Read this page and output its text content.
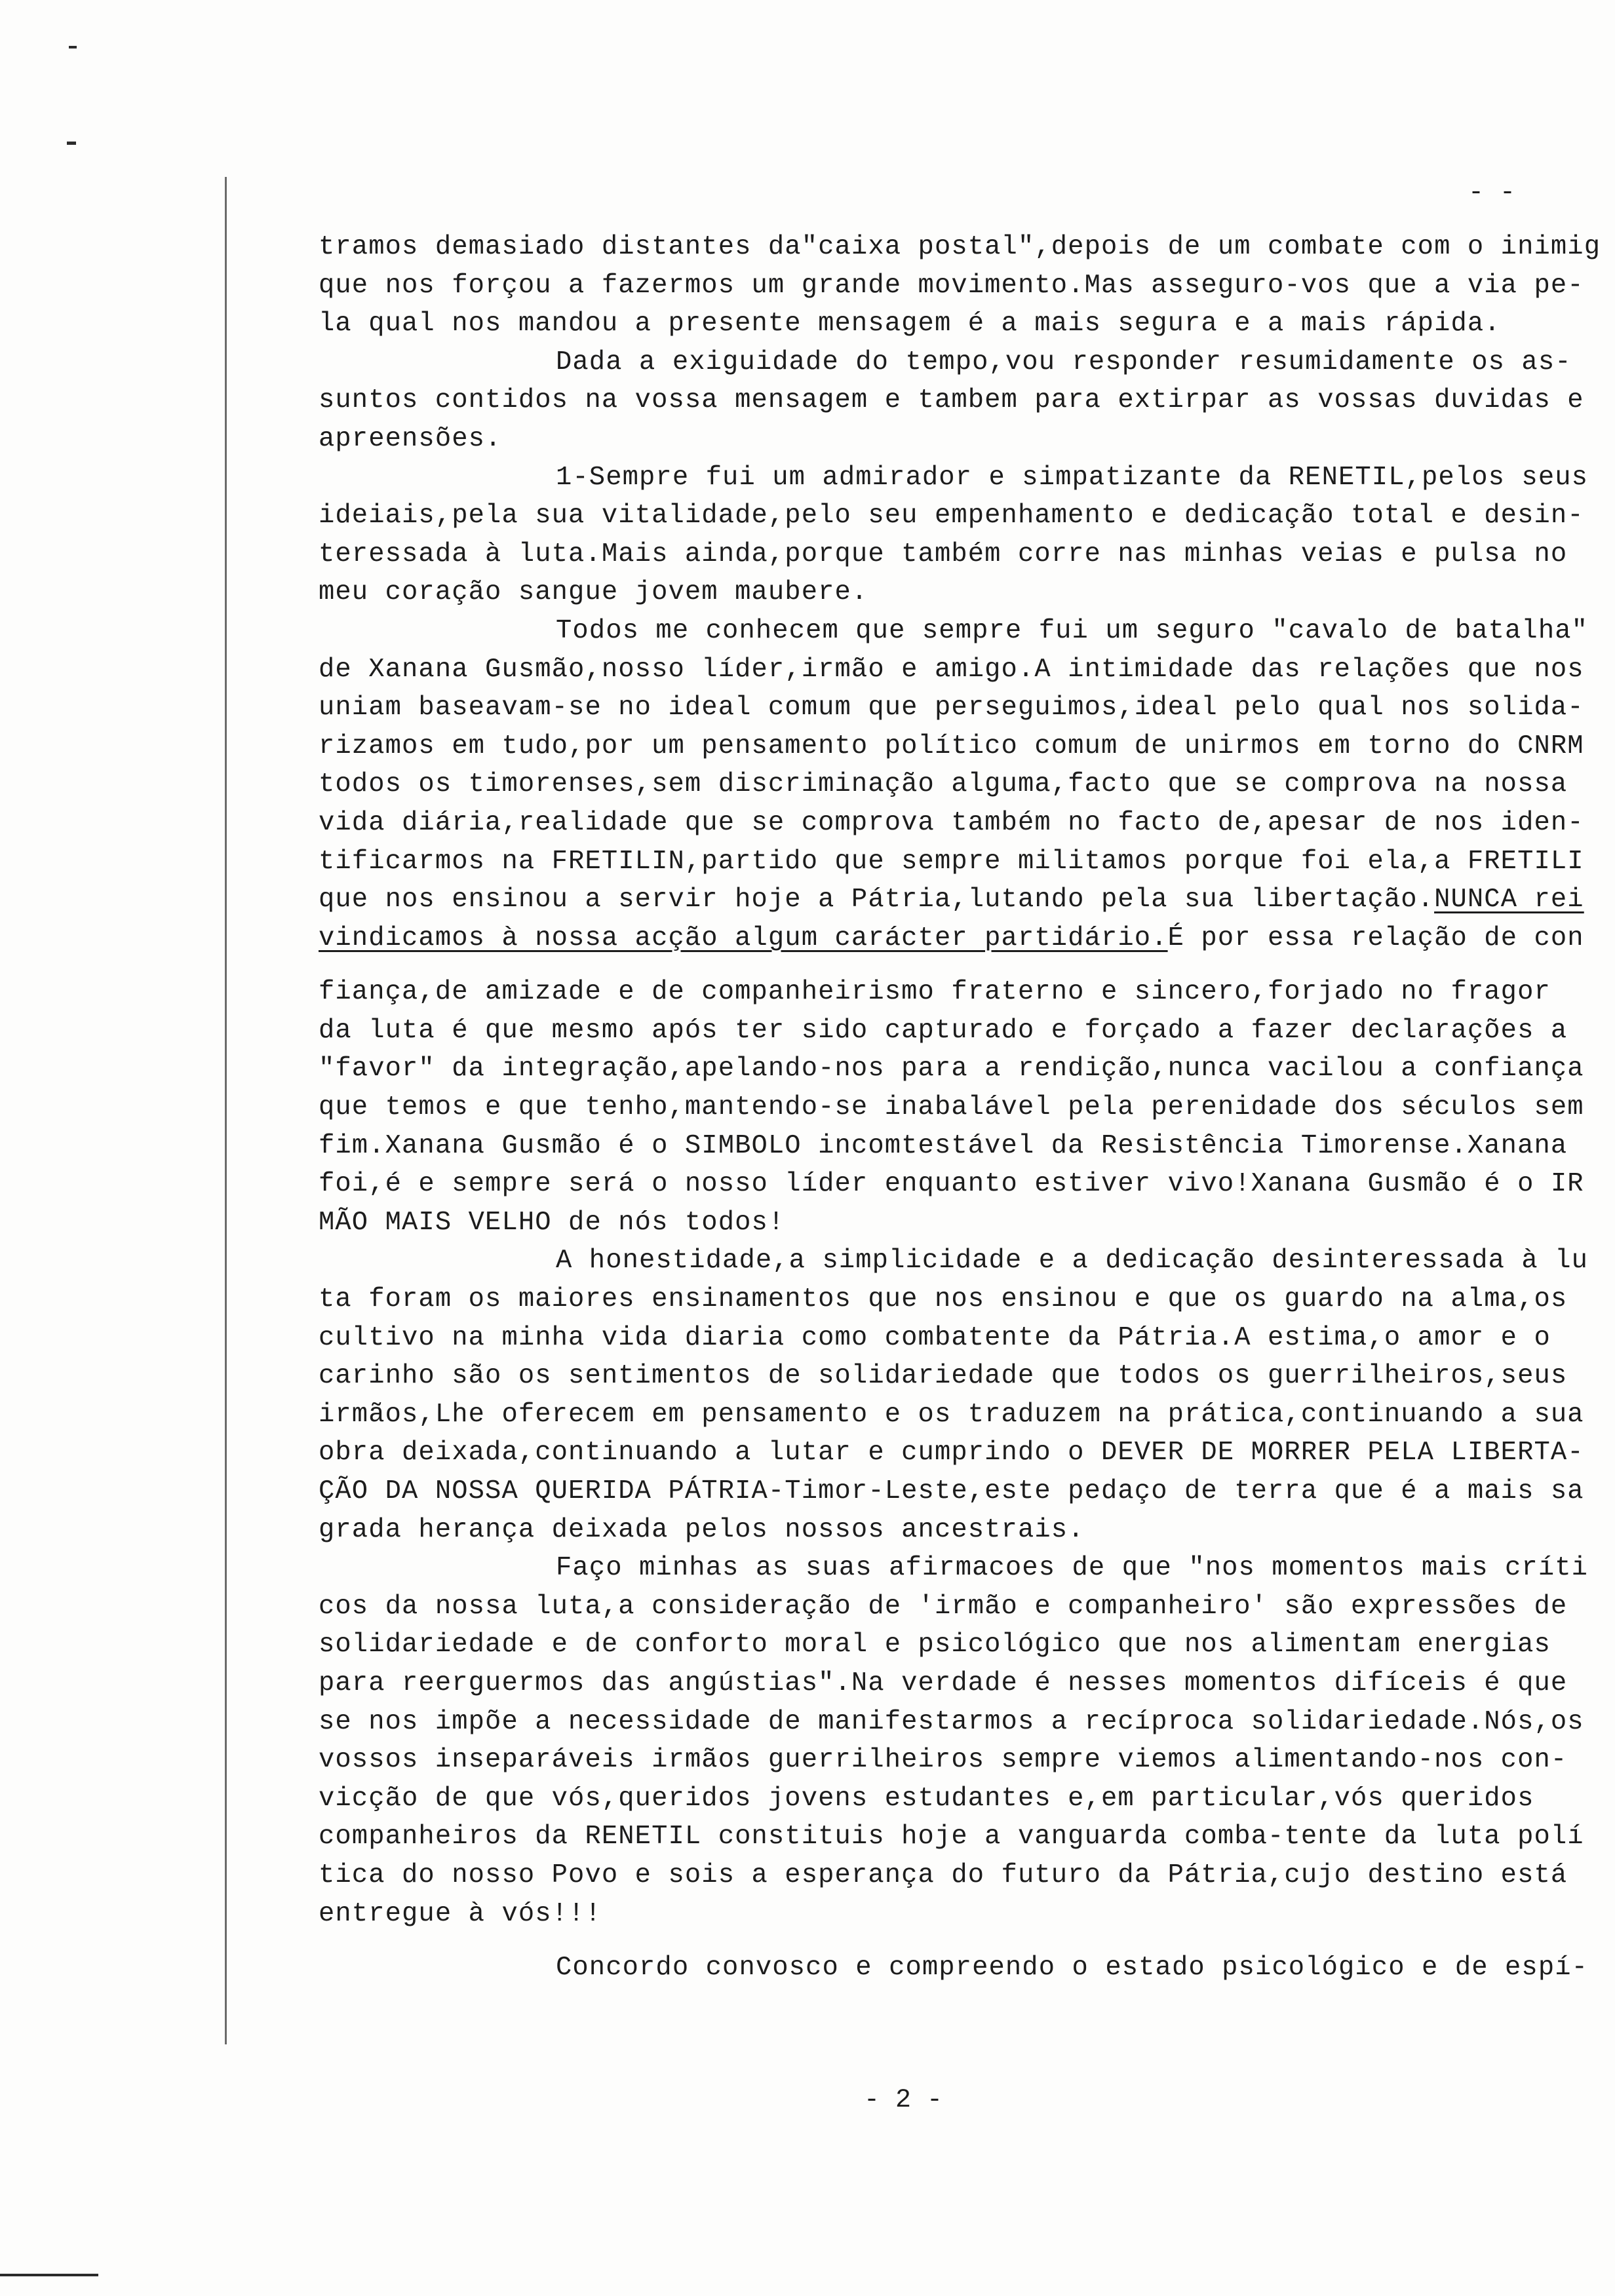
- -
tramos demasiado distantes da"caixa postal",depois de um combate com o inimig
que nos forçou a fazermos um grande movimento.Mas asseguro-vos que a via pe-
la qual nos mandou a presente mensagem é a mais segura e a mais rápida.
Dada a exiguidade do tempo,vou responder resumidamente os as-
suntos contidos na vossa mensagem e tambem para extirpar as vossas duvidas e
apreensões.
1-Sempre fui um admirador e simpatizante da RENETIL,pelos seus
ideiais,pela sua vitalidade,pelo seu empenhamento e dedicação total e desin-
teressada à luta.Mais ainda,porque também corre nas minhas veias e pulsa no
meu coração sangue jovem maubere.
Todos me conhecem que sempre fui um seguro "cavalo de batalha"
de Xanana Gusmão,nosso líder,irmão e amigo.A intimidade das relações que nos
uniam baseavam-se no ideal comum que perseguimos,ideal pelo qual nos solida-
rizamos em tudo,por um pensamento político comum de unirmos em torno do CNRM
todos os timorenses,sem discriminação alguma,facto que se comprova na nossa
vida diária,realidade que se comprova também no facto de,apesar de nos iden-
tificarmos na FRETILIN,partido que sempre militamos porque foi ela,a FRETILI
que nos ensinou a servir hoje a Pátria,lutando pela sua libertação.NUNCA rei
vindicamos à nossa acção algum carácter partidário.É por essa relação de con
fiança,de amizade e de companheirismo fraterno e sincero,forjado no fragor
da luta é que mesmo após ter sido capturado e forçado a fazer declarações a
"favor" da integração,apelando-nos para a rendição,nunca vacilou a confiança
que temos e que tenho,mantendo-se inabalável pela perenidade dos séculos sem
fim.Xanana Gusmão é o SIMBOLO incomtestável da Resistência Timorense.Xanana
foi,é e sempre será o nosso líder enquanto estiver vivo!Xanana Gusmão é o IR
MÃO MAIS VELHO de nós todos!
A honestidade,a simplicidade e a dedicação desinteressada à lu
ta foram os maiores ensinamentos que nos ensinou e que os guardo na alma,os
cultivo na minha vida diaria como combatente da Pátria.A estima,o amor e o
carinho são os sentimentos de solidariedade que todos os guerrilheiros,seus
irmãos,Lhe oferecem em pensamento e os traduzem na prática,continuando a sua
obra deixada,continuando a lutar e cumprindo o DEVER DE MORRER PELA LIBERTA-
ÇÃO DA NOSSA QUERIDA PÁTRIA-Timor-Leste,este pedaço de terra que é a mais sa
grada herança deixada pelos nossos ancestrais.
Faço minhas as suas afirmacoes de que "nos momentos mais críti
cos da nossa luta,a consideração de 'irmão e companheiro' são expressões de
solidariedade e de conforto moral e psicológico que nos alimentam energias
para reerguermos das angústias".Na verdade é nesses momentos difíceis é que
se nos impõe a necessidade de manifestarmos a recíproca solidariedade.Nós,os
vossos inseparáveis irmãos guerrilheiros sempre viemos alimentando-nos con-
vicção de que vós,queridos jovens estudantes e,em particular,vós queridos
companheiros da RENETIL constituis hoje a vanguarda comba-tente da luta polí
tica do nosso Povo e sois a esperança do futuro da Pátria,cujo destino está
entregue à vós!!!
Concordo convosco e compreendo o estado psicológico e de espí-
- 2 -
